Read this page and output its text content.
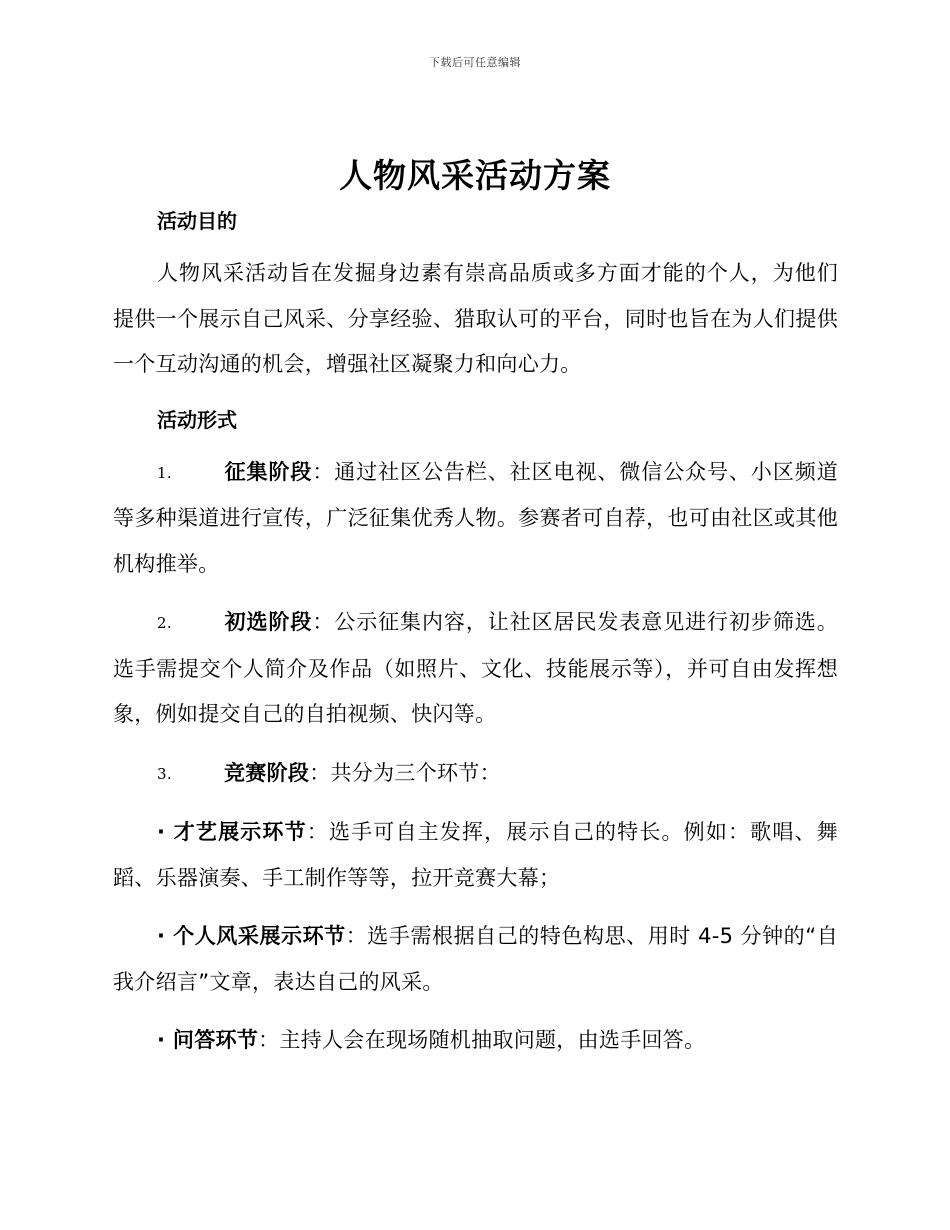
下载后可任意编辑
人物风采活动方案
活动目的

人物风采活动旨在发掘身边素有崇高品质或多方面才能的个人，为他们提供一个展示自己风采、分享经验、猎取认可的平台，同时也旨在为人们提供一个互动沟通的机会，增强社区凝聚力和向心力。

活动形式

1. 征集阶段：通过社区公告栏、社区电视、微信公众号、小区频道等多种渠道进行宣传，广泛征集优秀人物。参赛者可自荐，也可由社区或其他机构推举。

2. 初选阶段：公示征集内容，让社区居民发表意见进行初步筛选。选手需提交个人简介及作品（如照片、文化、技能展示等），并可自由发挥想象，例如提交自己的自拍视频、快闪等。

3. 竞赛阶段：共分为三个环节：

· 才艺展示环节：选手可自主发挥，展示自己的特长。例如：歌唱、舞蹈、乐器演奏、手工制作等等，拉开竞赛大幕；

· 个人风采展示环节：选手需根据自己的特色构思、用时 4-5 分钟的“自我介绍言”文章，表达自己的风采。

· 问答环节：主持人会在现场随机抽取问题，由选手回答。
